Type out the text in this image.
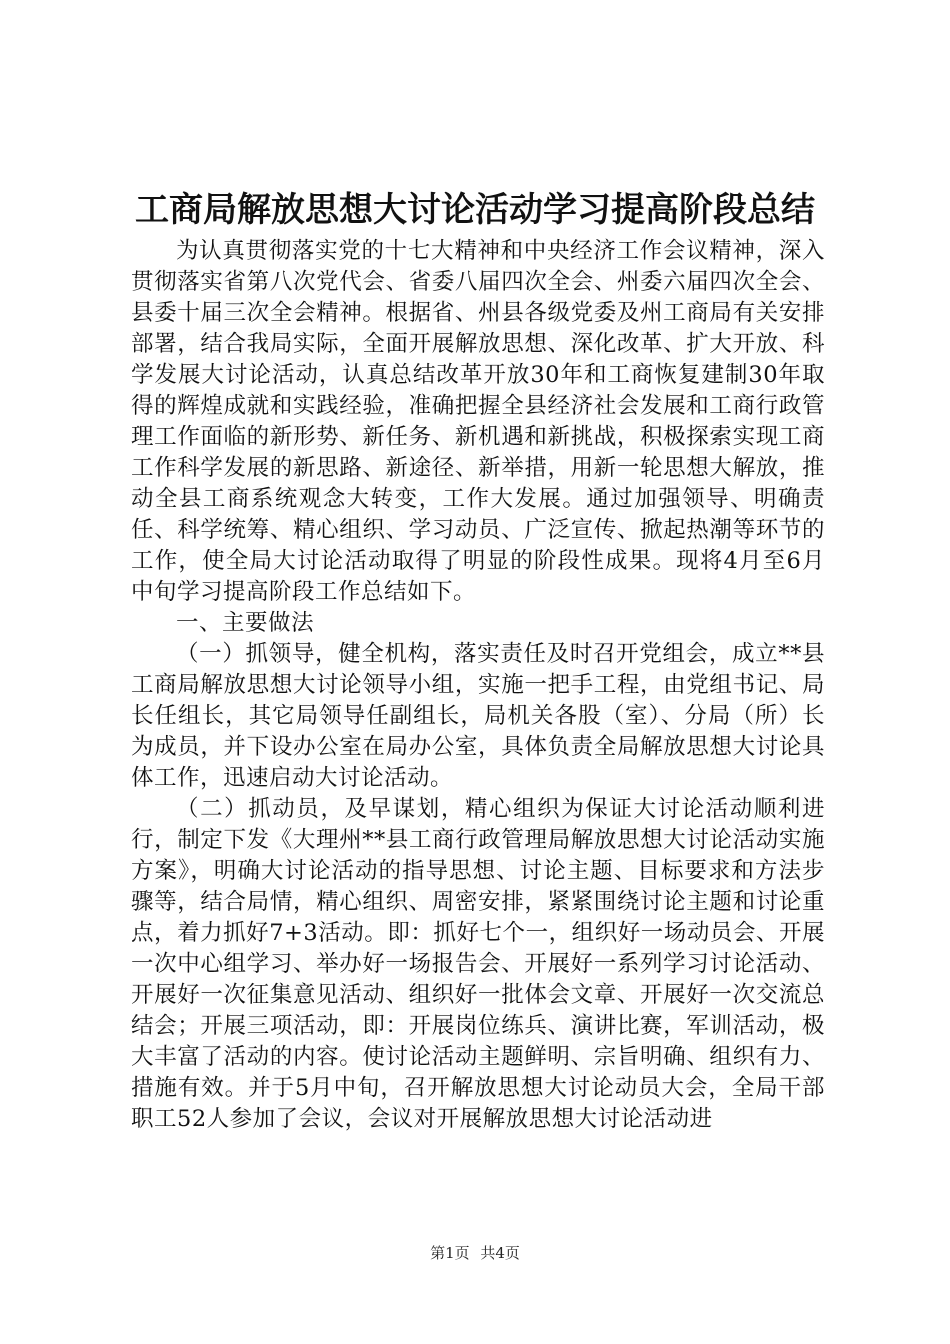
工商局解放思想大讨论活动学习提高阶段总结

为认真贯彻落实党的十七大精神和中央经济工作会议精神，深入贯彻落实省第八次党代会、省委八届四次全会、州委六届四次全会、县委十届三次全会精神。根据省、州县各级党委及州工商局有关安排部署，结合我局实际，全面开展解放思想、深化改革、扩大开放、科学发展大讨论活动，认真总结改革开放30年和工商恢复建制30年取得的辉煌成就和实践经验，准确把握全县经济社会发展和工商行政管理工作面临的新形势、新任务、新机遇和新挑战，积极探索实现工商工作科学发展的新思路、新途径、新举措，用新一轮思想大解放，推动全县工商系统观念大转变，工作大发展。通过加强领导、明确责任、科学统筹、精心组织、学习动员、广泛宣传、掀起热潮等环节的工作，使全局大讨论活动取得了明显的阶段性成果。现将4月至6月中旬学习提高阶段工作总结如下。

一、主要做法

（一）抓领导，健全机构，落实责任及时召开党组会，成立**县工商局解放思想大讨论领导小组，实施一把手工程，由党组书记、局长任组长，其它局领导任副组长，局机关各股（室）、分局（所）长为成员，并下设办公室在局办公室，具体负责全局解放思想大讨论具体工作，迅速启动大讨论活动。

（二）抓动员，及早谋划，精心组织为保证大讨论活动顺利进行，制定下发《大理州**县工商行政管理局解放思想大讨论活动实施方案》，明确大讨论活动的指导思想、讨论主题、目标要求和方法步骤等，结合局情，精心组织、周密安排，紧紧围绕讨论主题和讨论重点，着力抓好7+3活动。即：抓好七个一，组织好一场动员会、开展一次中心组学习、举办好一场报告会、开展好一系列学习讨论活动、开展好一次征集意见活动、组织好一批体会文章、开展好一次交流总结会；开展三项活动，即：开展岗位练兵、演讲比赛，军训活动，极大丰富了活动的内容。使讨论活动主题鲜明、宗旨明确、组织有力、措施有效。并于5月中旬，召开解放思想大讨论动员大会，全局干部职工52人参加了会议，会议对开展解放思想大讨论活动进

第1页 共4页
